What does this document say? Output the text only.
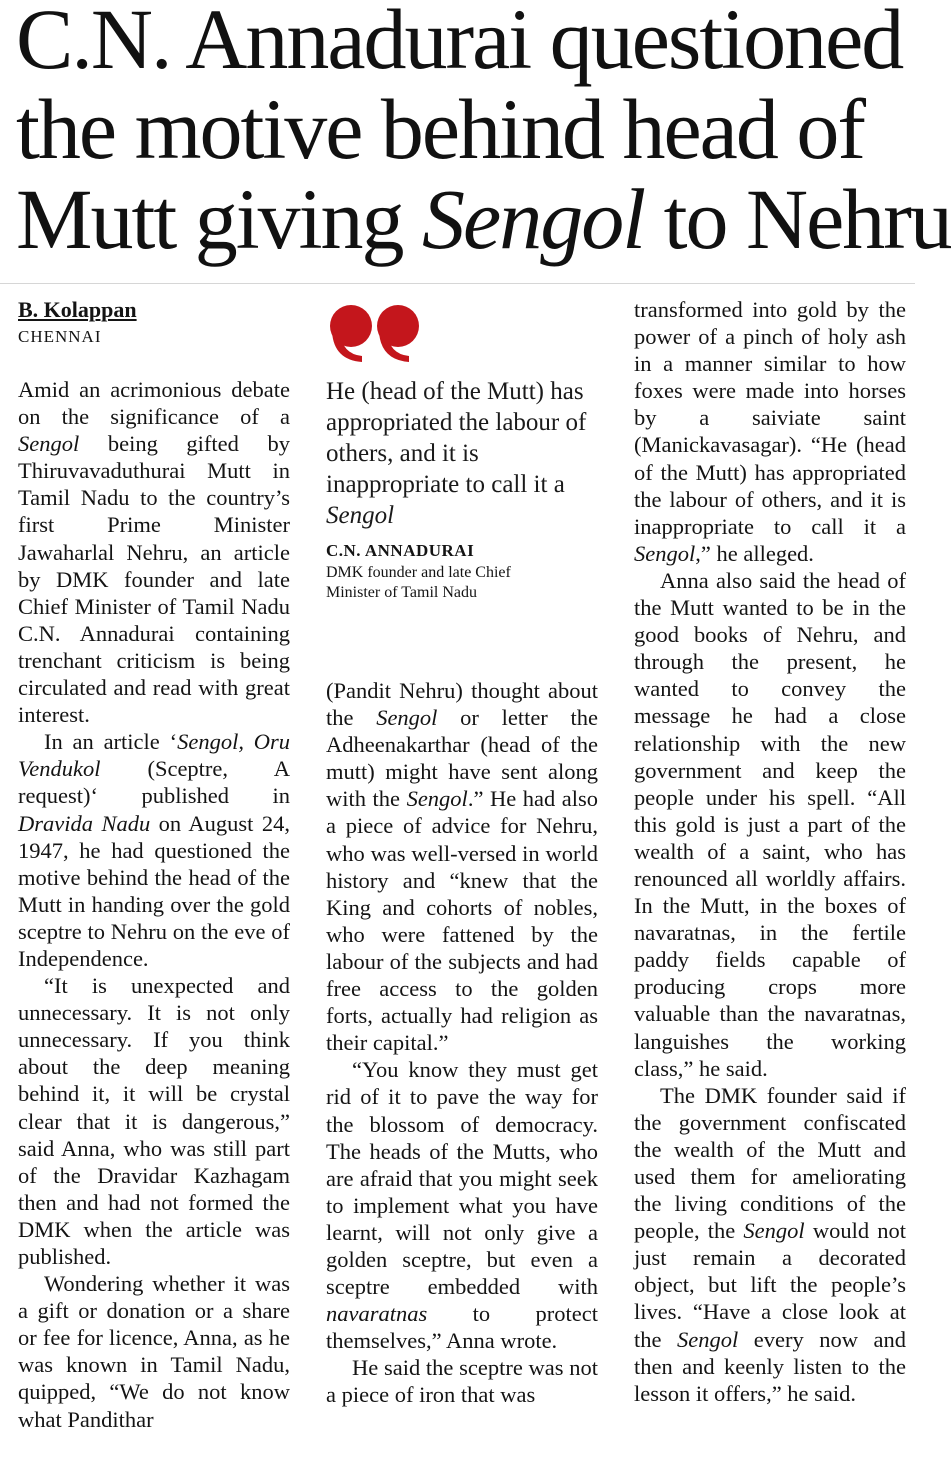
C.N. Annadurai questioned
the motive behind head of
Mutt giving Sengol to Nehru
B. Kolappan
CHENNAI

Amid an acrimonious debate on the significance of a Sengol being gifted by Thiruvavaduthurai Mutt in Tamil Nadu to the country’s first Prime Minister Jawaharlal Nehru, an article by DMK founder and late Chief Minister of Tamil Nadu C.N. Annadurai containing trenchant criticism is being circulated and read with great interest.

In an article ‘Sengol, Oru Vendukol (Sceptre, A request)‘ published in Dravida Nadu on August 24, 1947, he had questioned the motive behind the head of the Mutt in handing over the gold sceptre to Nehru on the eve of Independence.

“It is unexpected and unnecessary. It is not only unnecessary. If you think about the deep meaning behind it, it will be crystal clear that it is dangerous,” said Anna, who was still part of the Dravidar Kazhagam then and had not formed the DMK when the article was published.

Wondering whether it was a gift or donation or a share or fee for licence, Anna, as he was known in Tamil Nadu, quipped, “We do not know what Pandithar

He (head of the Mutt) has appropriated the labour of others, and it is inappropriate to call it a Sengol
C.N. ANNADURAI
DMK founder and late Chief Minister of Tamil Nadu

(Pandit Nehru) thought about the Sengol or letter the Adheenakarthar (head of the mutt) might have sent along with the Sengol.” He had also a piece of advice for Nehru, who was well-versed in world history and “knew that the King and cohorts of nobles, who were fattened by the labour of the subjects and had free access to the golden forts, actually had religion as their capital.”

“You know they must get rid of it to pave the way for the blossom of democracy. The heads of the Mutts, who are afraid that you might seek to implement what you have learnt, will not only give a golden sceptre, but even a sceptre embedded with navaratnas to protect themselves,” Anna wrote.

He said the sceptre was not a piece of iron that was

transformed into gold by the power of a pinch of holy ash in a manner similar to how foxes were made into horses by a saiviate saint (Manickavasagar). “He (head of the Mutt) has appropriated the labour of others, and it is inappropriate to call it a Sengol,” he alleged.

Anna also said the head of the Mutt wanted to be in the good books of Nehru, and through the present, he wanted to convey the message he had a close relationship with the new government and keep the people under his spell. “All this gold is just a part of the wealth of a saint, who has renounced all worldly affairs. In the Mutt, in the boxes of navaratnas, in the fertile paddy fields capable of producing crops more valuable than the navaratnas, languishes the working class,” he said.

The DMK founder said if the government confiscated the wealth of the Mutt and used them for ameliorating the living conditions of the people, the Sengol would not just remain a decorated object, but lift the people’s lives. “Have a close look at the Sengol every now and then and keenly listen to the lesson it offers,” he said.
